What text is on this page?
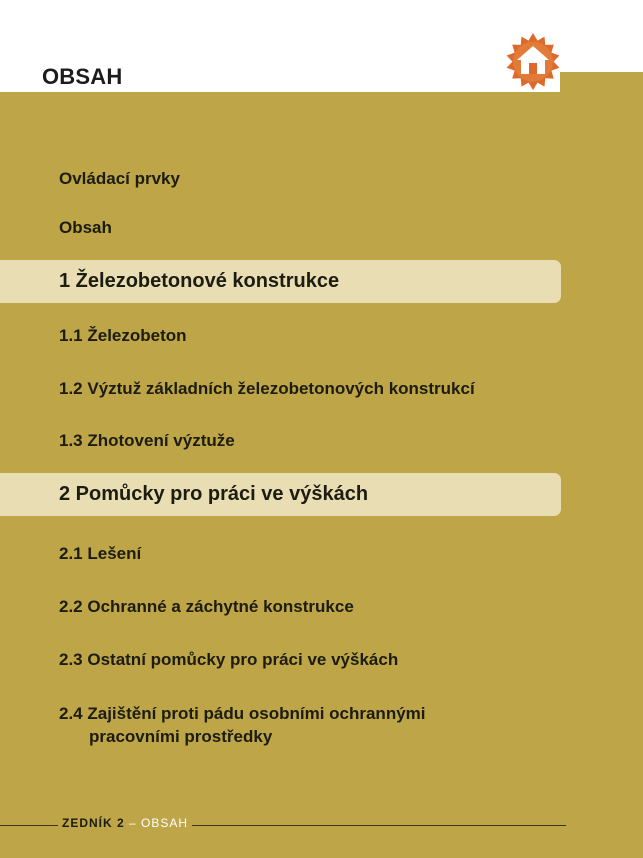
OBSAH
Ovládací prvky
Obsah
1 Železobetonové konstrukce
1.1 Železobeton
1.2 Výztuž základních železobetonových konstrukcí
1.3 Zhotovení výztuže
2 Pomůcky pro práci ve výškách
2.1 Lešení
2.2 Ochranné a záchytné konstrukce
2.3 Ostatní pomůcky pro práci ve výškách
2.4 Zajištění proti pádu osobními ochrannými
pracovními prostředky
ZEDNÍK 2 – OBSAH
